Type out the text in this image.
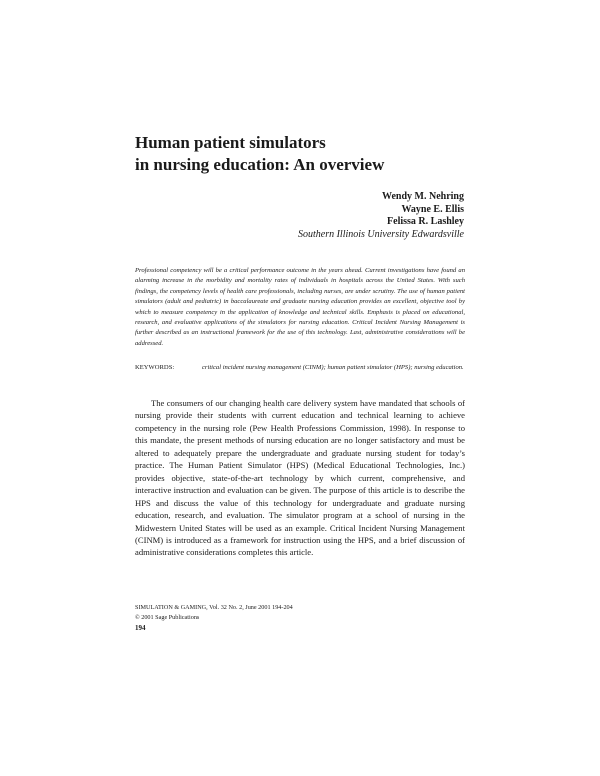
Human patient simulators
in nursing education: An overview
Wendy M. Nehring
Wayne E. Ellis
Felissa R. Lashley
Southern Illinois University Edwardsville

Professional competency will be a critical performance outcome in the years ahead. Current investigations have found an alarming increase in the morbidity and mortality rates of individuals in hospitals across the United States. With such findings, the competency levels of health care professionals, including nurses, are under scrutiny. The use of human patient simulators (adult and pediatric) in baccalaureate and graduate nursing education provides an excellent, objective tool by which to measure competency in the application of knowledge and technical skills. Emphasis is placed on educational, research, and evaluative applications of the simulators for nursing education. Critical Incident Nursing Management is further described as an instructional framework for the use of this technology. Last, administrative considerations will be addressed.

KEYWORDS:	critical incident nursing management (CINM); human patient simulator (HPS); nursing education.

The consumers of our changing health care delivery system have mandated that schools of nursing provide their students with current education and technical learning to achieve competency in the nursing role (Pew Health Professions Commission, 1998). In response to this mandate, the present methods of nursing education are no longer satisfactory and must be altered to adequately prepare the undergraduate and graduate nursing student for today’s practice. The Human Patient Simulator (HPS) (Medical Educational Technologies, Inc.) provides objective, state-of-the-art technology by which current, comprehensive, and interactive instruction and evaluation can be given. The purpose of this article is to describe the HPS and discuss the value of this technology for undergraduate and graduate nursing education, research, and evaluation. The simulator program at a school of nursing in the Midwestern United States will be used as an example. Critical Incident Nursing Management (CINM) is introduced as a framework for instruction using the HPS, and a brief discussion of administrative considerations completes this article.

SIMULATION & GAMING, Vol. 32 No. 2, June 2001 194-204
© 2001 Sage Publications
194
